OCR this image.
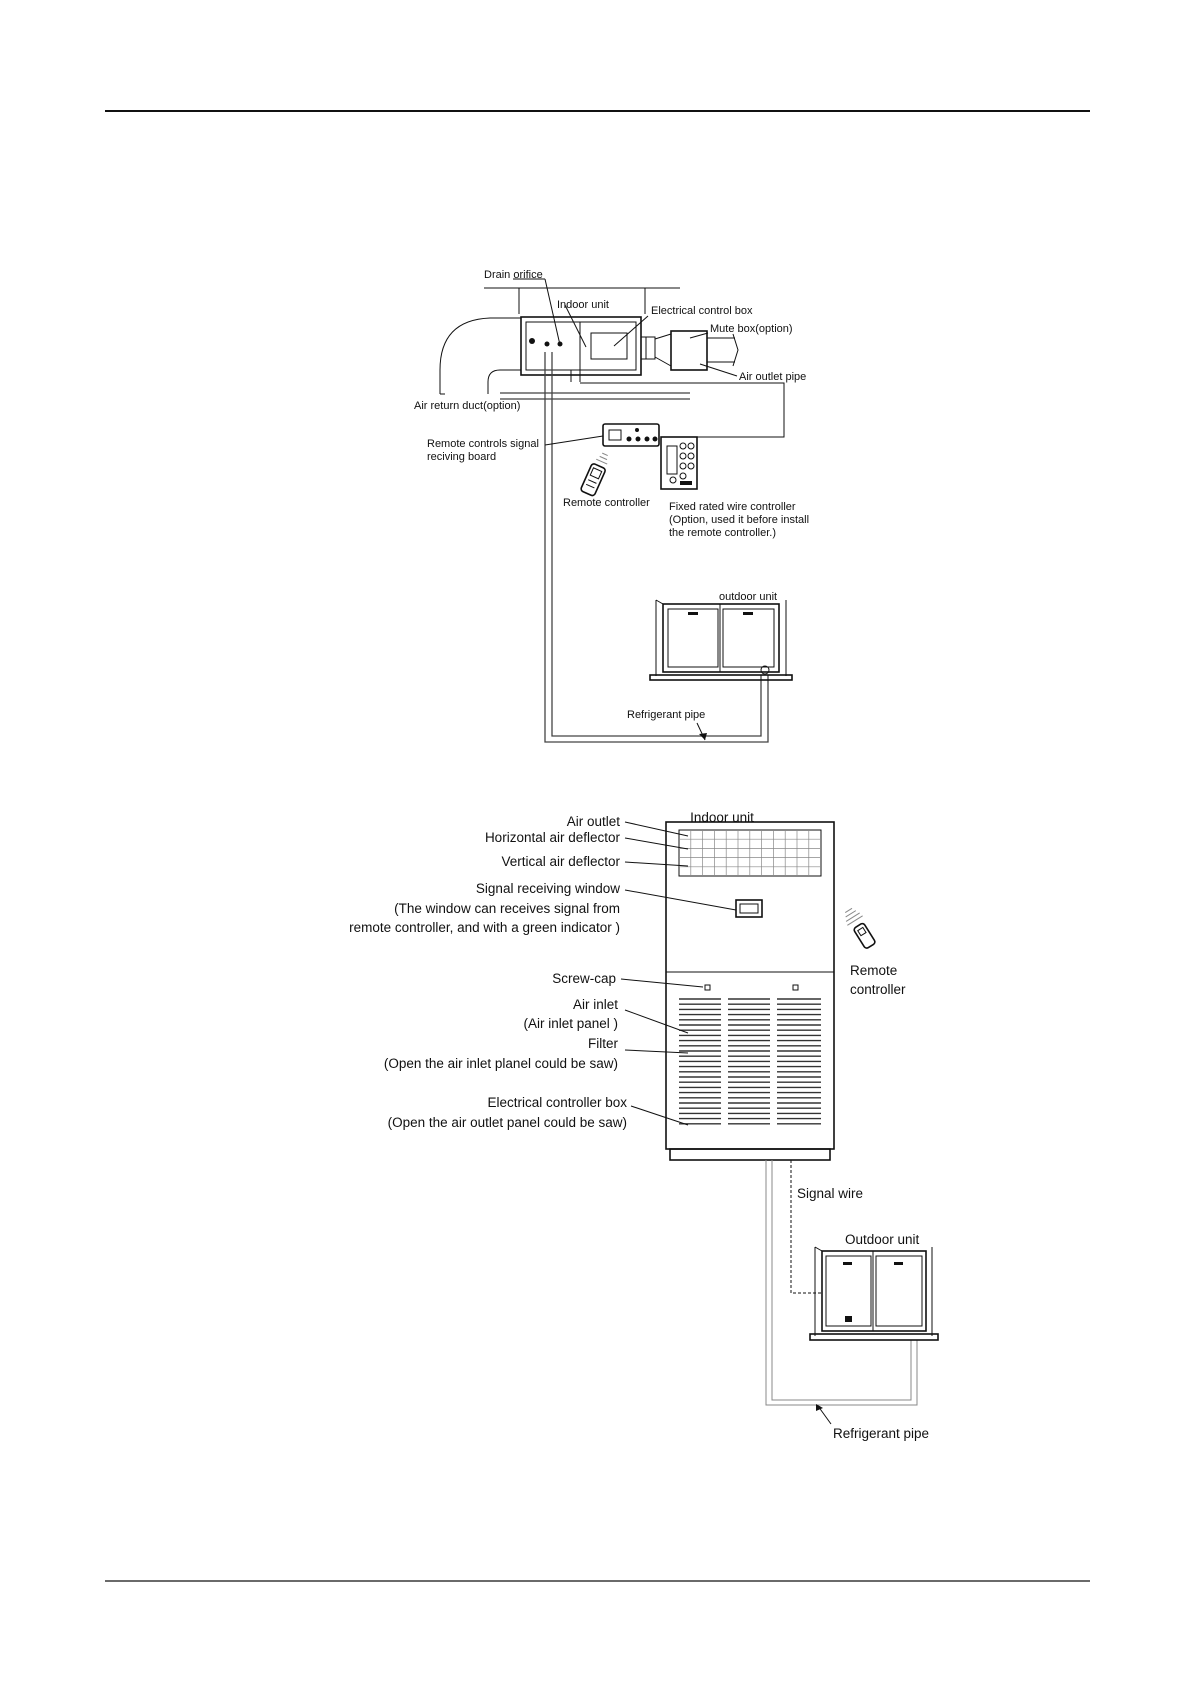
Drain orifice
Indoor unit	Electrical control box
Mute box(option)
Air outlet pipe
Air return duct(option)
Remote controls signal
reciving board
Remote controller Fixed rated wire controller
(Option, used it before install
the remote controller.)
outdoor unit
Refrigerant pipe
Indoor unit
Air outlet
Horizontal air deflector
Vertical air deflector
Signal receiving window
(The window can receives signal from
remote controller, and with a green indicator )
Remote
controller
Screw-cap
Air inlet
(Air inlet panel )
Filter
(Open the air inlet planel could be saw)
Electrical controller box
(Open the air outlet panel could be saw)
Signal wire
Outdoor unit
Refrigerant pipe
